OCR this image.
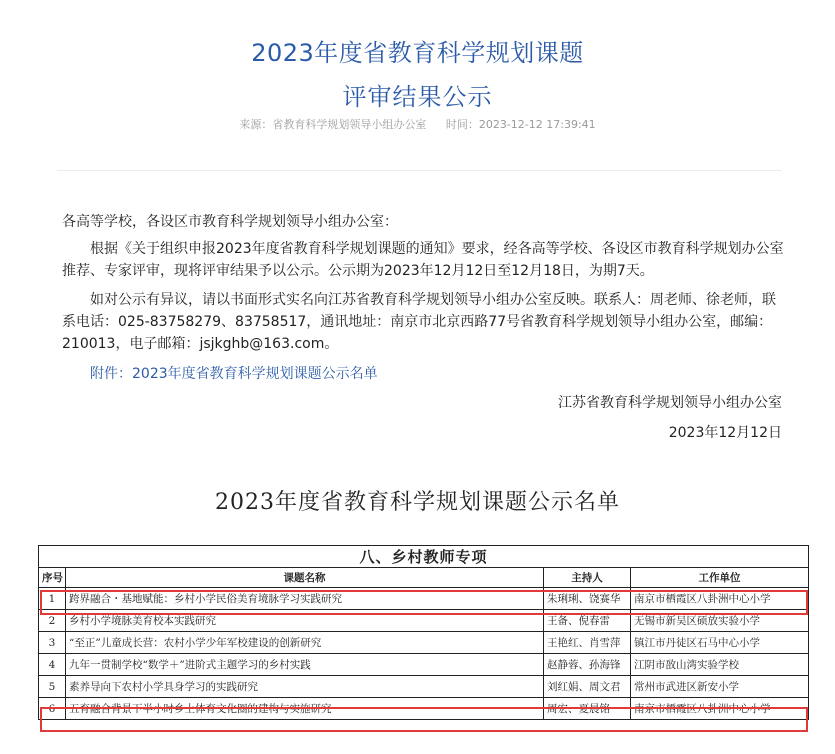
2023年度省教育科学规划课题
评审结果公示
来源：省教育科学规划领导小组办公室 时间：2023-12-12 17:39:41
各高等学校，各设区市教育科学规划领导小组办公室：
根据《关于组织申报2023年度省教育科学规划课题的通知》要求，经各高等学校、各设区市教育科学规划办公室推荐、专家评审，现将评审结果予以公示。公示期为2023年12月12日至12月18日，为期7天。
如对公示有异议，请以书面形式实名向江苏省教育科学规划领导小组办公室反映。联系人：周老师、徐老师，联系电话：025-83758279、83758517，通讯地址：南京市北京西路77号省教育科学规划领导小组办公室，邮编：210013，电子邮箱：jsjkghb@163.com。
附件：2023年度省教育科学规划课题公示名单
江苏省教育科学规划领导小组办公室
2023年12月12日
2023年度省教育科学规划课题公示名单
八、乡村教师专项			
序号	课题名称	主持人	工作单位
1	跨界融合・基地赋能：乡村小学民俗美育境脉学习实践研究	朱琍琍、饶赛华	南京市栖霞区八卦洲中心小学
2	乡村小学境脉美育校本实践研究	王备、倪春雷	无锡市新吴区硕放实验小学
3	“至正”儿童成长营：农村小学少年军校建设的创新研究	王艳红、肖雪萍	镇江市丹徒区石马中心小学
4	九年一贯制学校“数学＋”进阶式主题学习的乡村实践	赵静蓉、孙海锋	江阴市敔山湾实验学校
5	素养导向下农村小学具身学习的实践研究	刘红娟、周文君	常州市武进区新安小学
6	五育融合背景下半小时乡土体育文化圈的建构与实施研究	周宏、夏晨铭	南京市栖霞区八卦洲中心小学
